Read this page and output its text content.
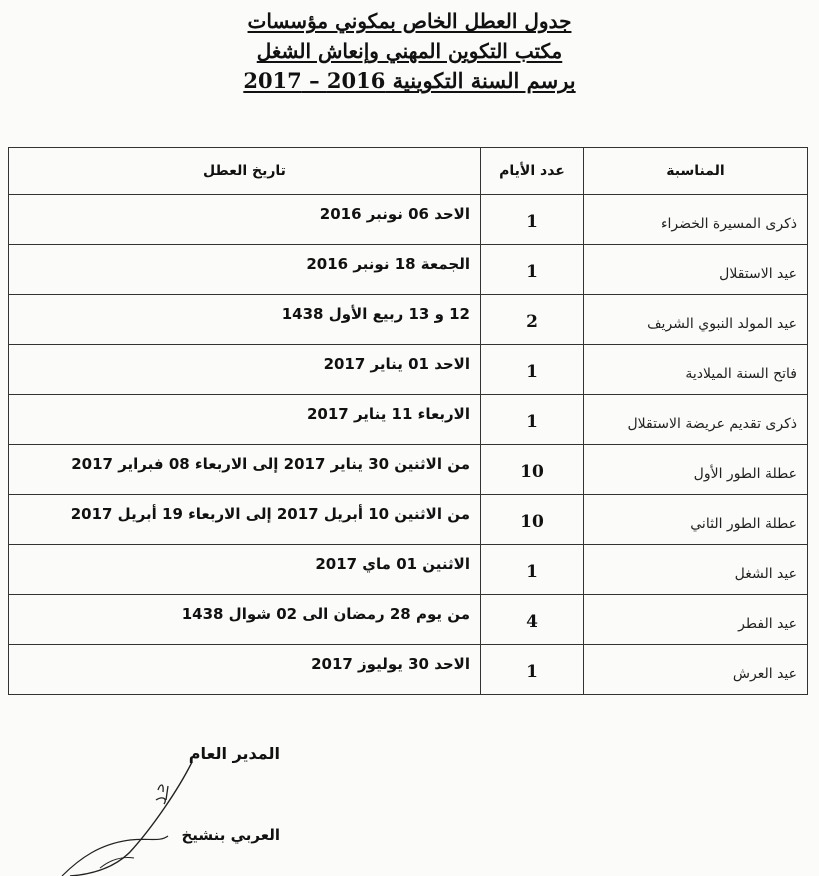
جدول العطل الخاص بمكوني مؤسسات
مكتب التكوين المهني وإنعاش الشغل
برسم السنة التكوينية 2016 – 2017
المناسبة	عدد الأيام	تاريخ العطل
ذكرى المسيرة الخضراء	1	الاحد 06 نونبر 2016
عيد الاستقلال	1	الجمعة 18 نونبر 2016
عيد المولد النبوي الشريف	2	12 و 13 ربيع الأول 1438
فاتح السنة الميلادية	1	الاحد 01 يناير 2017
ذكرى تقديم عريضة الاستقلال	1	الاربعاء 11 يناير 2017
عطلة الطور الأول	10	من الاثنين 30 يناير 2017 إلى الاربعاء 08 فبراير 2017
عطلة الطور الثاني	10	من الاثنين 10 أبريل 2017 إلى الاربعاء 19 أبريل 2017
عيد الشغل	1	الاثنين 01 ماي 2017
عيد الفطر	4	من يوم 28 رمضان الى 02 شوال 1438
عيد العرش	1	الاحد 30 يوليوز 2017
المدير العام
العربي بنشيخ
